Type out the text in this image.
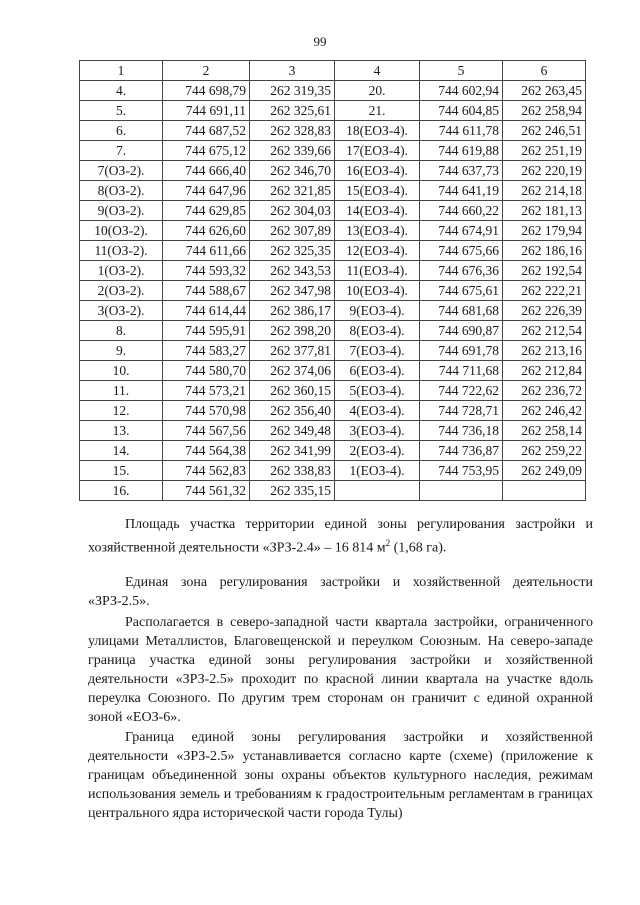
99
1	2	3	4	5	6
4.	744 698,79	262 319,35	20.	744 602,94	262 263,45
5.	744 691,11	262 325,61	21.	744 604,85	262 258,94
6.	744 687,52	262 328,83	18(ЕОЗ-4).	744 611,78	262 246,51
7.	744 675,12	262 339,66	17(ЕОЗ-4).	744 619,88	262 251,19
7(ОЗ-2).	744 666,40	262 346,70	16(ЕОЗ-4).	744 637,73	262 220,19
8(ОЗ-2).	744 647,96	262 321,85	15(ЕОЗ-4).	744 641,19	262 214,18
9(ОЗ-2).	744 629,85	262 304,03	14(ЕОЗ-4).	744 660,22	262 181,13
10(ОЗ-2).	744 626,60	262 307,89	13(ЕОЗ-4).	744 674,91	262 179,94
11(ОЗ-2).	744 611,66	262 325,35	12(ЕОЗ-4).	744 675,66	262 186,16
1(ОЗ-2).	744 593,32	262 343,53	11(ЕОЗ-4).	744 676,36	262 192,54
2(ОЗ-2).	744 588,67	262 347,98	10(ЕОЗ-4).	744 675,61	262 222,21
3(ОЗ-2).	744 614,44	262 386,17	9(ЕОЗ-4).	744 681,68	262 226,39
8.	744 595,91	262 398,20	8(ЕОЗ-4).	744 690,87	262 212,54
9.	744 583,27	262 377,81	7(ЕОЗ-4).	744 691,78	262 213,16
10.	744 580,70	262 374,06	6(ЕОЗ-4).	744 711,68	262 212,84
11.	744 573,21	262 360,15	5(ЕОЗ-4).	744 722,62	262 236,72
12.	744 570,98	262 356,40	4(ЕОЗ-4).	744 728,71	262 246,42
13.	744 567,56	262 349,48	3(ЕОЗ-4).	744 736,18	262 258,14
14.	744 564,38	262 341,99	2(ЕОЗ-4).	744 736,87	262 259,22
15.	744 562,83	262 338,83	1(ЕОЗ-4).	744 753,95	262 249,09
16.	744 561,32	262 335,15			

Площадь участка территории единой зоны регулирования застройки и хозяйственной деятельности «ЗРЗ-2.4» – 16 814 $м^2$ (1,68 га).

Единая зона регулирования застройки и хозяйственной деятельности «ЗРЗ-2.5».

Располагается в северо-западной части квартала застройки, ограниченного улицами Металлистов, Благовещенской и переулком Союзным. На северо-западе граница участка единой зоны регулирования застройки и хозяйственной деятельности «ЗРЗ-2.5» проходит по красной линии квартала на участке вдоль переулка Союзного. По другим трем сторонам он граничит с единой охранной зоной «ЕОЗ-6».

Граница единой зоны регулирования застройки и хозяйственной деятельности «ЗРЗ-2.5» устанавливается согласно карте (схеме) (приложение к границам объединенной зоны охраны объектов культурного наследия, режимам использования земель и требованиям к градостроительным регламентам в границах центрального ядра исторической части города Тулы)
